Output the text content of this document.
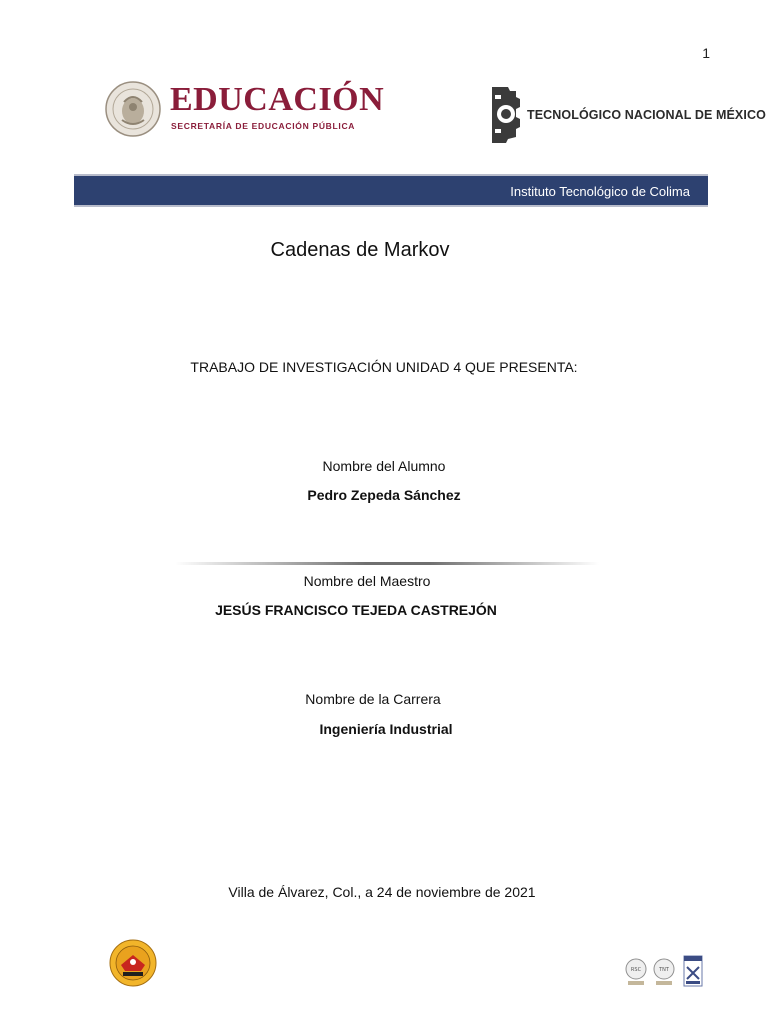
1
EDUCACIÓN
SECRETARÍA DE EDUCACIÓN PÚBLICA
TECNOLÓGICO NACIONAL DE MÉXICO
Instituto Tecnológico de Colima
Cadenas de Markov
TRABAJO DE INVESTIGACIÓN UNIDAD 4 QUE PRESENTA:
Nombre del Alumno
Pedro Zepeda Sánchez
Nombre del Maestro
JESÚS FRANCISCO TEJEDA CASTREJÓN
Nombre de la Carrera
Ingeniería Industrial
Villa de Álvarez, Col., a 24 de noviembre de 2021
RSC	TNT
